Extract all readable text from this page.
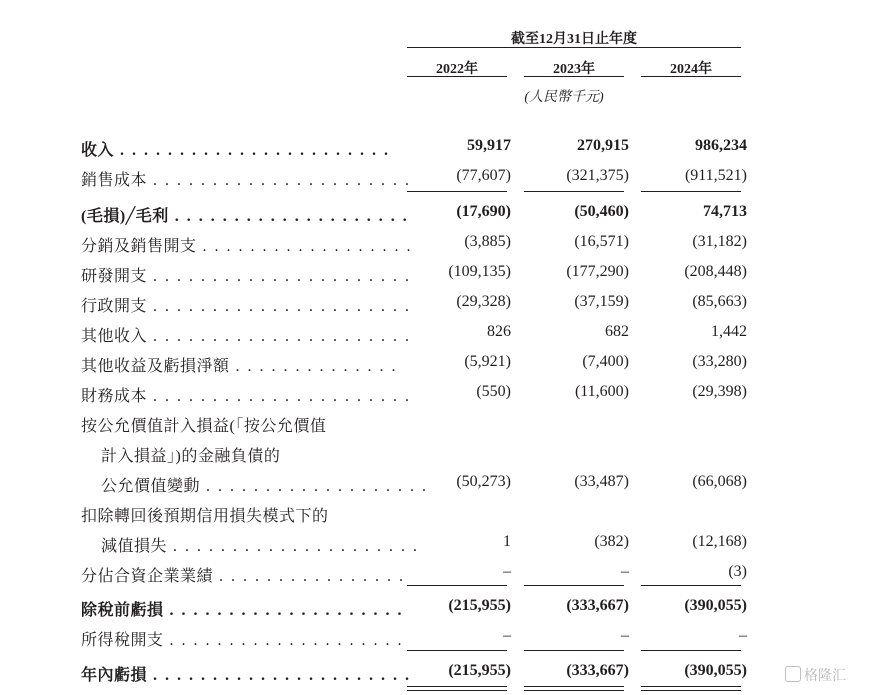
截至12月31日止年度
2022年	2023年	2024年
(人民幣千元)
收入 . . . . . . . . . . . . . . . . . . . . . . .	59,917	270,915	986,234
銷售成本 . . . . . . . . . . . . . . . . . . . . . .	(77,607)	(321,375)	(911,521)
(毛損)╱毛利 . . . . . . . . . . . . . . . . . . . .	(17,690)	(50,460)	74,713
分銷及銷售開支 . . . . . . . . . . . . . . . . . .	(3,885)	(16,571)	(31,182)
研發開支 . . . . . . . . . . . . . . . . . . . . . .	(109,135)	(177,290)	(208,448)
行政開支 . . . . . . . . . . . . . . . . . . . . . .	(29,328)	(37,159)	(85,663)
其他收入 . . . . . . . . . . . . . . . . . . . . . .	826	682	1,442
其他收益及虧損淨額 . . . . . . . . . . . . . .	(5,921)	(7,400)	(33,280)
財務成本 . . . . . . . . . . . . . . . . . . . . . .	(550)	(11,600)	(29,398)
按公允價值計入損益(「按公允價值
計入損益」)的金融負債的
公允價值變動 . . . . . . . . . . . . . . . . . . .	(50,273)	(33,487)	(66,068)
扣除轉回後預期信用損失模式下的
減值損失 . . . . . . . . . . . . . . . . . . . . .	1	(382)	(12,168)
分佔合資企業業績 . . . . . . . . . . . . . . . .	–	–	(3)
除稅前虧損 . . . . . . . . . . . . . . . . . . . .	(215,955)	(333,667)	(390,055)
所得稅開支 . . . . . . . . . . . . . . . . . . . .	–	–	–
年內虧損 . . . . . . . . . . . . . . . . . . . . . .	(215,955)	(333,667)	(390,055)	格隆汇
